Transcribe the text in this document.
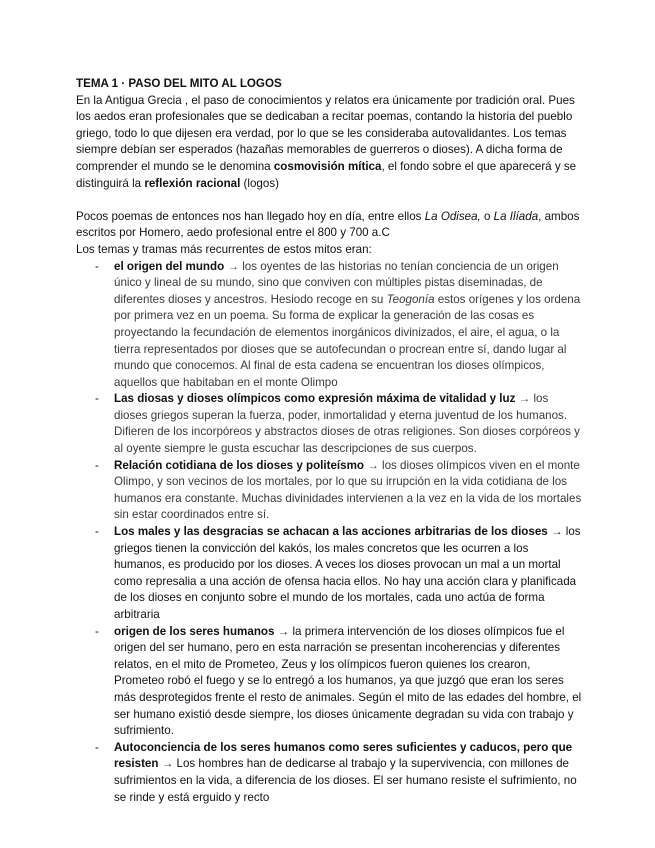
TEMA 1 · PASO DEL MITO AL LOGOS

En la Antigua Grecia , el paso de conocimientos y relatos era únicamente por tradición oral. Pues los aedos eran profesionales que se dedicaban a recitar poemas, contando la historia del pueblo griego, todo lo que dijesen era verdad, por lo que se les consideraba autovalidantes. Los temas siempre debían ser esperados (hazañas memorables de guerreros o dioses). A dicha forma de comprender el mundo se le denomina cosmovisión mítica, el fondo sobre el que aparecerá y se distinguirá la reflexión racional (logos)

Pocos poemas de entonces nos han llegado hoy en día, entre ellos La Odisea, o La Ilíada, ambos escritos por Homero, aedo profesional entre el 800 y 700 a.C

Los temas y tramas más recurrentes de estos mitos eran:

- el origen del mundo → los oyentes de las historias no tenían conciencia de un origen único y lineal de su mundo, sino que conviven con múltiples pistas diseminadas, de diferentes dioses y ancestros. Hesiodo recoge en su Teogonía estos orígenes y los ordena por primera vez en un poema. Su forma de explicar la generación de las cosas es proyectando la fecundación de elementos inorgánicos divinizados, el aire, el agua, o la tierra representados por dioses que se autofecundan o procrean entre sí, dando lugar al mundo que conocemos. Al final de esta cadena se encuentran los dioses olímpicos, aquellos que habitaban en el monte Olimpo
- Las diosas y dioses olímpicos como expresión máxima de vitalidad y luz → los dioses griegos superan la fuerza, poder, inmortalidad y eterna juventud de los humanos. Difieren de los incorpóreos y abstractos dioses de otras religiones. Son dioses corpóreos y al oyente siempre le gusta escuchar las descripciones de sus cuerpos.
- Relación cotidiana de los dioses y politeísmo → los dioses olímpicos viven en el monte Olimpo, y son vecinos de los mortales, por lo que su irrupción en la vida cotidiana de los humanos era constante. Muchas divinidades intervienen a la vez en la vida de los mortales sin estar coordinados entre sí.
- Los males y las desgracias se achacan a las acciones arbitrarias de los dioses → los griegos tienen la convicción del kakós, los males concretos que les ocurren a los humanos, es producido por los dioses. A veces los dioses provocan un mal a un mortal como represalia a una acción de ofensa hacia ellos. No hay una acción clara y planificada de los dioses en conjunto sobre el mundo de los mortales, cada uno actúa de forma arbitraria
- origen de los seres humanos → la primera intervención de los dioses olímpicos fue el origen del ser humano, pero en esta narración se presentan incoherencias y diferentes relatos, en el mito de Prometeo, Zeus y los olímpicos fueron quienes los crearon, Prometeo robó el fuego y se lo entregó a los humanos, ya que juzgó que eran los seres más desprotegidos frente el resto de animales. Según el mito de las edades del hombre, el ser humano existió desde siempre, los dioses únicamente degradan su vida con trabajo y sufrimiento.
- Autoconciencia de los seres humanos como seres suficientes y caducos, pero que resisten → Los hombres han de dedicarse al trabajo y la supervivencia, con millones de sufrimientos en la vida, a diferencia de los dioses. El ser humano resiste el sufrimiento, no se rinde y está erguido y recto
